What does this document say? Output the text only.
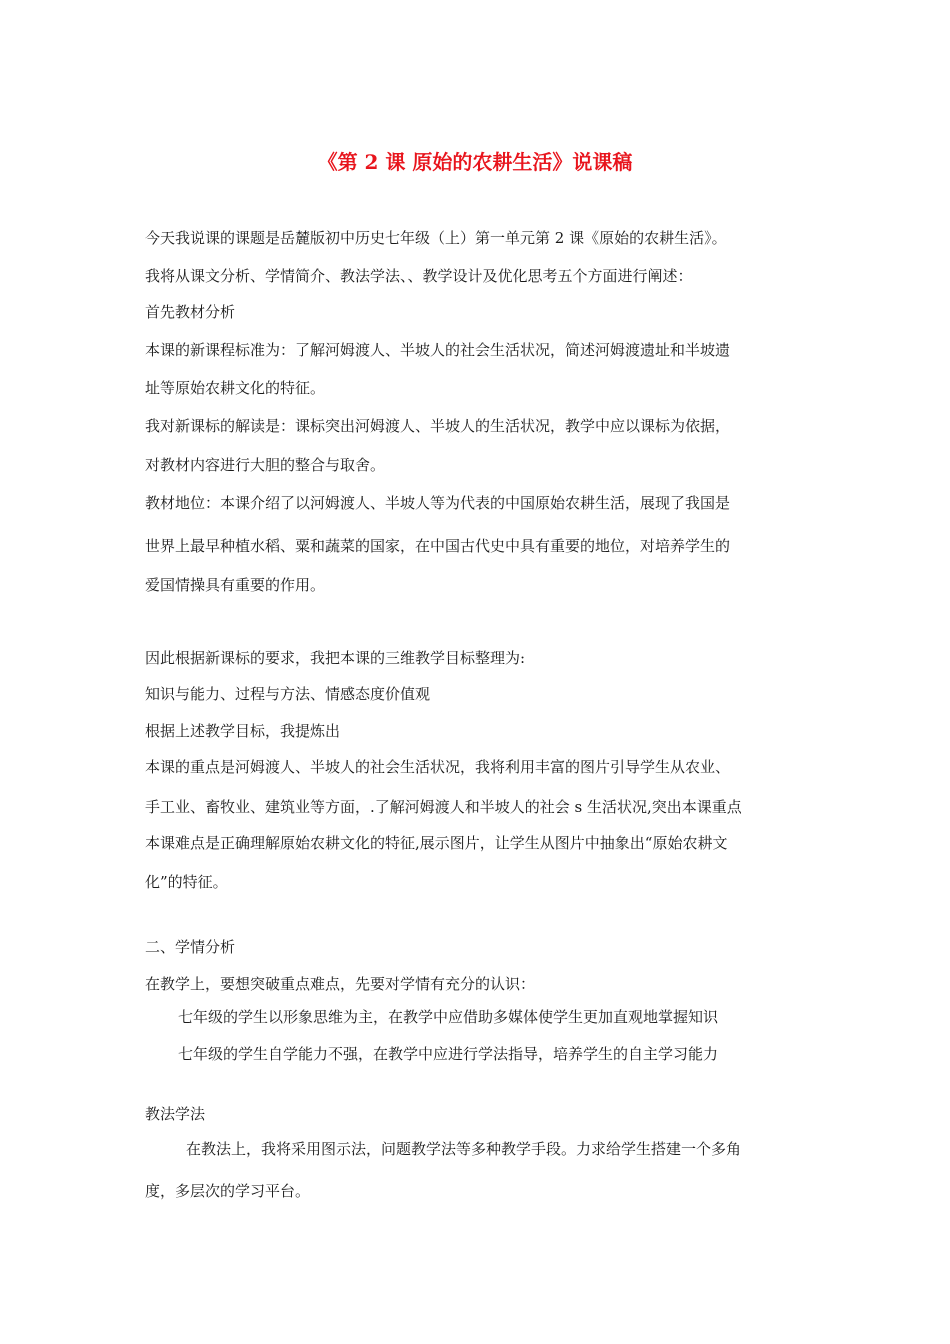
《第 2 课 原始的农耕生活》说课稿
今天我说课的课题是岳麓版初中历史七年级（上）第一单元第 2 课《原始的农耕生活》。
我将从课文分析、学情简介、教法学法、、教学设计及优化思考五个方面进行阐述：
首先教材分析
本课的新课程标准为：了解河姆渡人、半坡人的社会生活状况，简述河姆渡遗址和半坡遗
址等原始农耕文化的特征。
我对新课标的解读是：课标突出河姆渡人、半坡人的生活状况，教学中应以课标为依据，
对教材内容进行大胆的整合与取舍。
教材地位：本课介绍了以河姆渡人、半坡人等为代表的中国原始农耕生活，展现了我国是
世界上最早种植水稻、粟和蔬菜的国家，在中国古代史中具有重要的地位，对培养学生的
爱国情操具有重要的作用。
因此根据新课标的要求，我把本课的三维教学目标整理为:
知识与能力、过程与方法、情感态度价值观
根据上述教学目标，我提炼出
本课的重点是河姆渡人、半坡人的社会生活状况，我将利用丰富的图片引导学生从农业、
手工业、畜牧业、建筑业等方面，.了解河姆渡人和半坡人的社会 s 生活状况,突出本课重点
本课难点是正确理解原始农耕文化的特征,展示图片，让学生从图片中抽象出“原始农耕文
化”的特征。
二、学情分析
在教学上，要想突破重点难点，先要对学情有充分的认识：
七年级的学生以形象思维为主，在教学中应借助多媒体使学生更加直观地掌握知识
七年级的学生自学能力不强，在教学中应进行学法指导，培养学生的自主学习能力
教法学法
在教法上，我将采用图示法，问题教学法等多种教学手段。力求给学生搭建一个多角
度，多层次的学习平台。
